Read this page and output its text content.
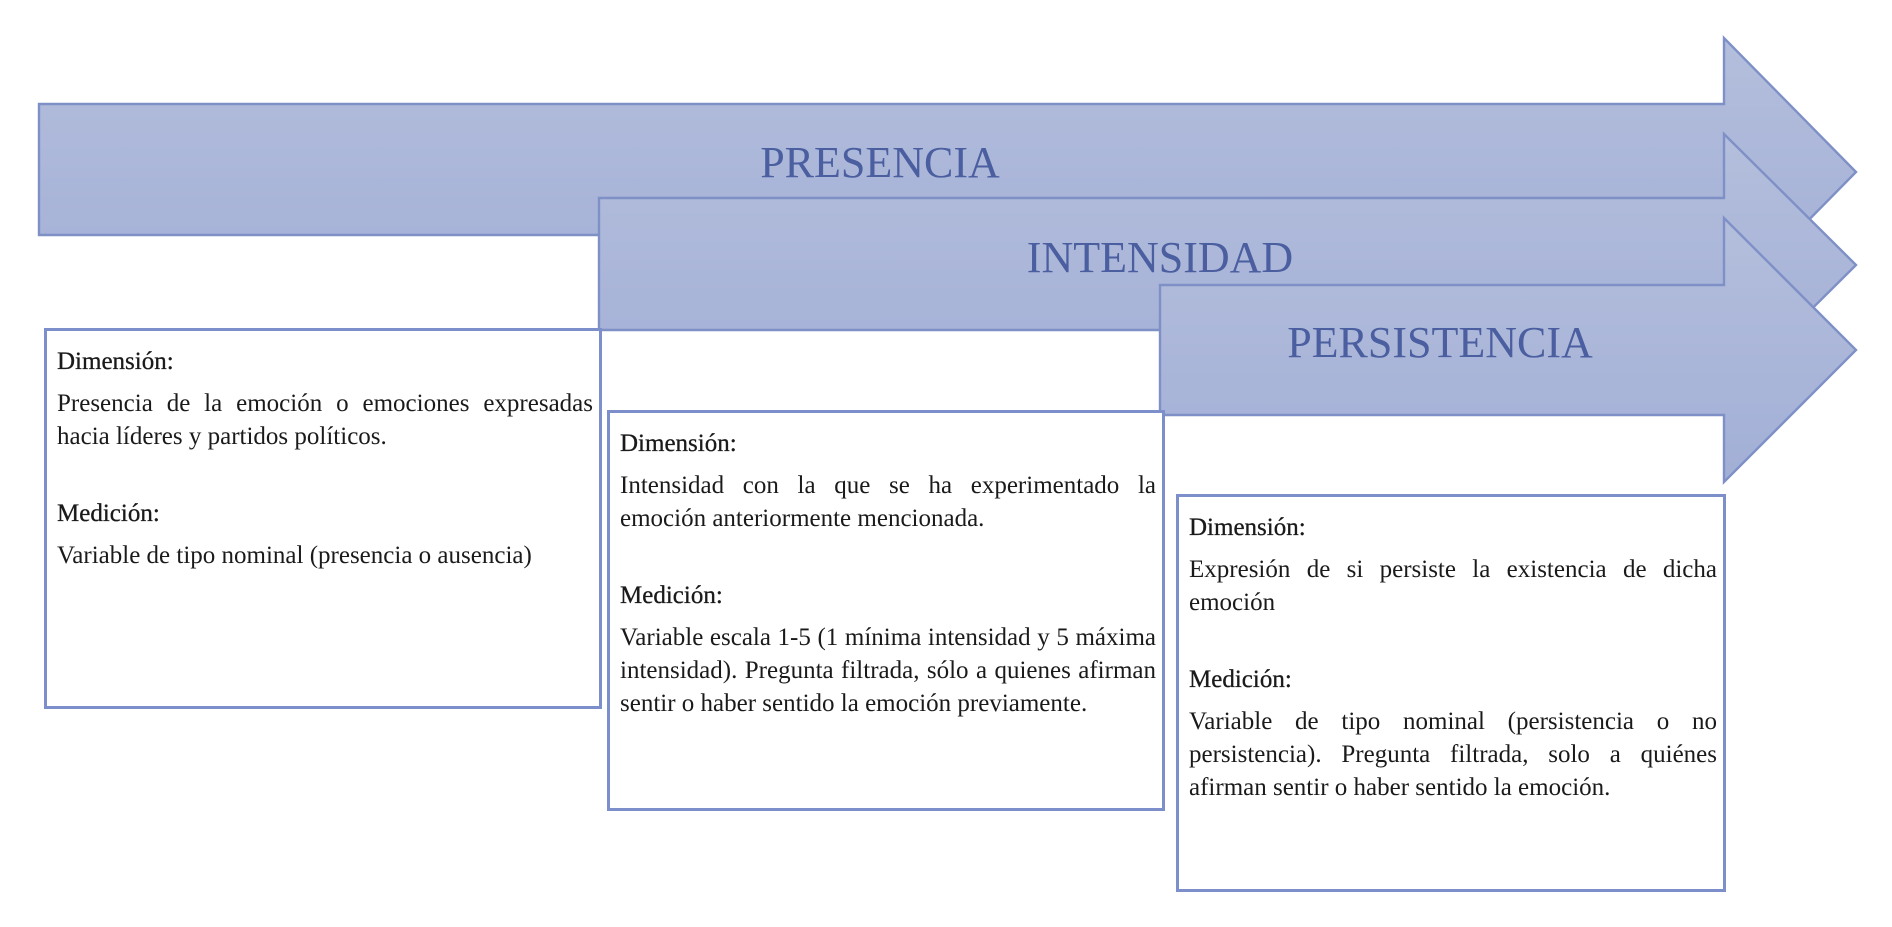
PRESENCIA
INTENSIDAD
PERSISTENCIA

Dimensión:

Presencia de la emoción o emociones expresadas hacia líderes y partidos políticos.

Medición:

Variable de tipo nominal (presencia o ausencia)

Dimensión:

Intensidad con la que se ha experimentado la emoción anteriormente mencionada.

Medición:

Variable escala 1-5 (1 mínima intensidad y 5 máxima intensidad). Pregunta filtrada, sólo a quienes afirman sentir o haber sentido la emoción previamente.

Dimensión:

Expresión de si persiste la existencia de dicha emoción

Medición:

Variable de tipo nominal (persistencia o no persistencia). Pregunta filtrada, solo a quiénes afirman sentir o haber sentido la emoción.
